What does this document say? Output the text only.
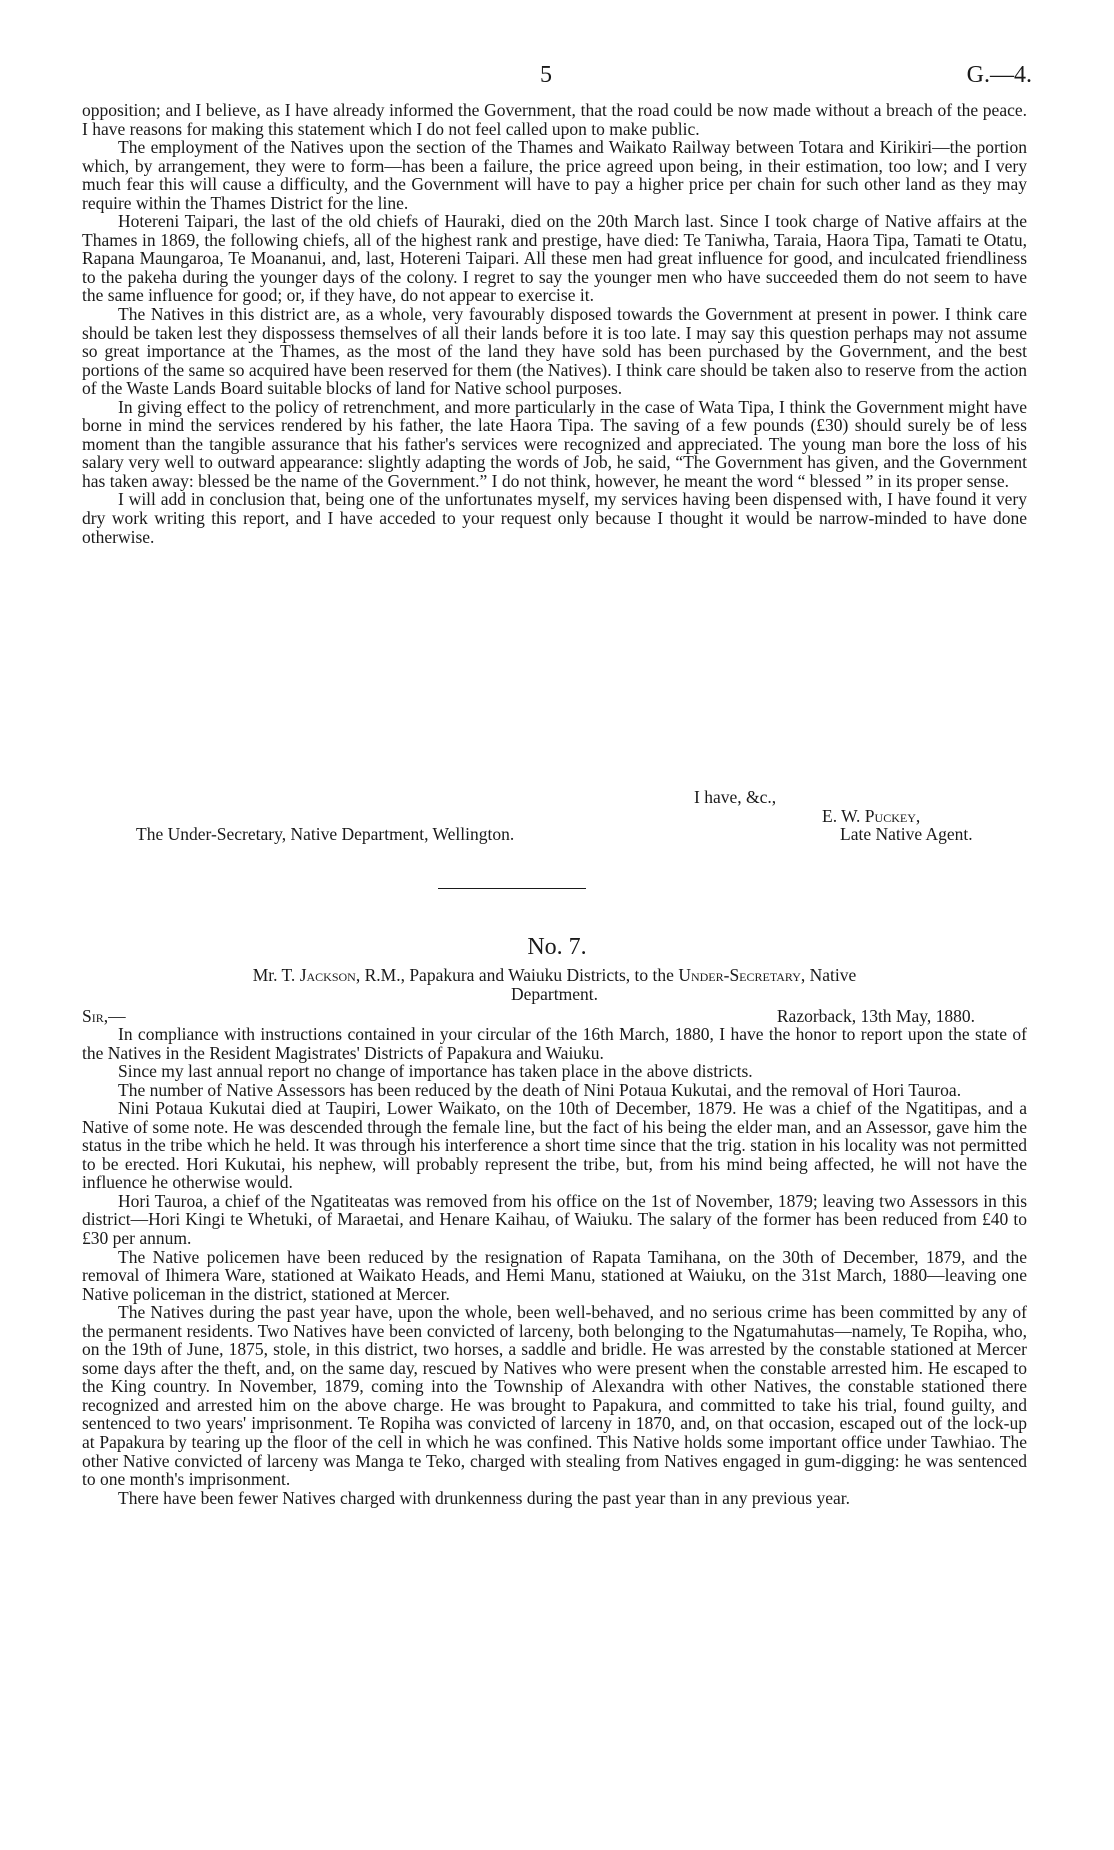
5	G.—4.

opposition; and I believe, as I have already informed the Government, that the road could be now made without a breach of the peace. I have reasons for making this statement which I do not feel called upon to make public.

The employment of the Natives upon the section of the Thames and Waikato Railway between Totara and Kirikiri—the portion which, by arrangement, they were to form—has been a failure, the price agreed upon being, in their estimation, too low; and I very much fear this will cause a difficulty, and the Government will have to pay a higher price per chain for such other land as they may require within the Thames District for the line.

Hotereni Taipari, the last of the old chiefs of Hauraki, died on the 20th March last. Since I took charge of Native affairs at the Thames in 1869, the following chiefs, all of the highest rank and prestige, have died: Te Taniwha, Taraia, Haora Tipa, Tamati te Otatu, Rapana Maungaroa, Te Moananui, and, last, Hotereni Taipari. All these men had great influence for good, and inculcated friendliness to the pakeha during the younger days of the colony. I regret to say the younger men who have succeeded them do not seem to have the same influence for good; or, if they have, do not appear to exercise it.

The Natives in this district are, as a whole, very favourably disposed towards the Government at present in power. I think care should be taken lest they dispossess themselves of all their lands before it is too late. I may say this question perhaps may not assume so great importance at the Thames, as the most of the land they have sold has been purchased by the Government, and the best portions of the same so acquired have been reserved for them (the Natives). I think care should be taken also to reserve from the action of the Waste Lands Board suitable blocks of land for Native school purposes.

In giving effect to the policy of retrenchment, and more particularly in the case of Wata Tipa, I think the Government might have borne in mind the services rendered by his father, the late Haora Tipa. The saving of a few pounds (£30) should surely be of less moment than the tangible assurance that his father's services were recognized and appreciated. The young man bore the loss of his salary very well to outward appearance: slightly adapting the words of Job, he said, “The Government has given, and the Government has taken away: blessed be the name of the Government.” I do not think, however, he meant the word “ blessed ” in its proper sense.

I will add in conclusion that, being one of the unfortunates myself, my services having been dispensed with, I have found it very dry work writing this report, and I have acceded to your request only because I thought it would be narrow-minded to have done otherwise.

I have, &c.,
E. W. Puckey,
The Under-Secretary, Native Department, Wellington.	Late Native Agent.
No. 7.
Mr. T. Jackson, R.M., Papakura and Waiuku Districts, to the Under-Secretary, Native
Department.
Sir,—	Razorback, 13th May, 1880.

In compliance with instructions contained in your circular of the 16th March, 1880, I have the honor to report upon the state of the Natives in the Resident Magistrates' Districts of Papakura and Waiuku.

Since my last annual report no change of importance has taken place in the above districts.

The number of Native Assessors has been reduced by the death of Nini Potaua Kukutai, and the removal of Hori Tauroa.

Nini Potaua Kukutai died at Taupiri, Lower Waikato, on the 10th of December, 1879. He was a chief of the Ngatitipas, and a Native of some note. He was descended through the female line, but the fact of his being the elder man, and an Assessor, gave him the status in the tribe which he held. It was through his interference a short time since that the trig. station in his locality was not permitted to be erected. Hori Kukutai, his nephew, will probably represent the tribe, but, from his mind being affected, he will not have the influence he otherwise would.

Hori Tauroa, a chief of the Ngatiteatas was removed from his office on the 1st of November, 1879; leaving two Assessors in this district—Hori Kingi te Whetuki, of Maraetai, and Henare Kaihau, of Waiuku. The salary of the former has been reduced from £40 to £30 per annum.

The Native policemen have been reduced by the resignation of Rapata Tamihana, on the 30th of December, 1879, and the removal of Ihimera Ware, stationed at Waikato Heads, and Hemi Manu, stationed at Waiuku, on the 31st March, 1880—leaving one Native policeman in the district, stationed at Mercer.

The Natives during the past year have, upon the whole, been well-behaved, and no serious crime has been committed by any of the permanent residents. Two Natives have been convicted of larceny, both belonging to the Ngatumahutas—namely, Te Ropiha, who, on the 19th of June, 1875, stole, in this district, two horses, a saddle and bridle. He was arrested by the constable stationed at Mercer some days after the theft, and, on the same day, rescued by Natives who were present when the constable arrested him. He escaped to the King country. In November, 1879, coming into the Township of Alexandra with other Natives, the constable stationed there recognized and arrested him on the above charge. He was brought to Papakura, and committed to take his trial, found guilty, and sentenced to two years' imprisonment. Te Ropiha was convicted of larceny in 1870, and, on that occasion, escaped out of the lock-up at Papakura by tearing up the floor of the cell in which he was confined. This Native holds some important office under Tawhiao. The other Native convicted of larceny was Manga te Teko, charged with stealing from Natives engaged in gum-digging: he was sentenced to one month's imprisonment.

There have been fewer Natives charged with drunkenness during the past year than in any previous year.
